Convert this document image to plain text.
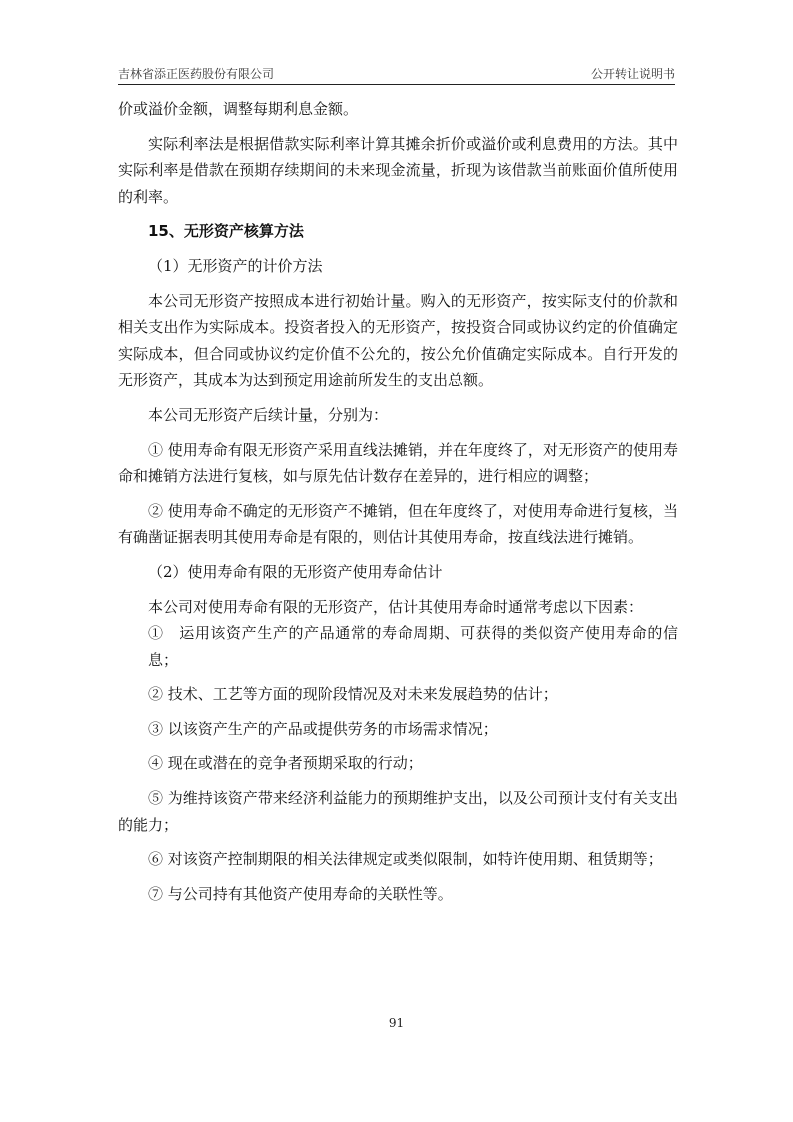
吉林省添正医药股份有限公司	公开转让说明书

价或溢价金额，调整每期利息金额。

实际利率法是根据借款实际利率计算其摊余折价或溢价或利息费用的方法。其中实际利率是借款在预期存续期间的未来现金流量，折现为该借款当前账面价值所使用的利率。

15、无形资产核算方法

（1）无形资产的计价方法

本公司无形资产按照成本进行初始计量。购入的无形资产，按实际支付的价款和相关支出作为实际成本。投资者投入的无形资产，按投资合同或协议约定的价值确定实际成本，但合同或协议约定价值不公允的，按公允价值确定实际成本。自行开发的无形资产，其成本为达到预定用途前所发生的支出总额。

本公司无形资产后续计量，分别为：

① 使用寿命有限无形资产采用直线法摊销，并在年度终了，对无形资产的使用寿命和摊销方法进行复核，如与原先估计数存在差异的，进行相应的调整；

② 使用寿命不确定的无形资产不摊销，但在年度终了，对使用寿命进行复核，当有确凿证据表明其使用寿命是有限的，则估计其使用寿命，按直线法进行摊销。

（2）使用寿命有限的无形资产使用寿命估计

本公司对使用寿命有限的无形资产，估计其使用寿命时通常考虑以下因素：

①　运用该资产生产的产品通常的寿命周期、可获得的类似资产使用寿命的信息；

② 技术、工艺等方面的现阶段情况及对未来发展趋势的估计；

③ 以该资产生产的产品或提供劳务的市场需求情况；

④ 现在或潜在的竞争者预期采取的行动；

⑤ 为维持该资产带来经济利益能力的预期维护支出，以及公司预计支付有关支出的能力；

⑥ 对该资产控制期限的相关法律规定或类似限制，如特许使用期、租赁期等；

⑦ 与公司持有其他资产使用寿命的关联性等。

91
